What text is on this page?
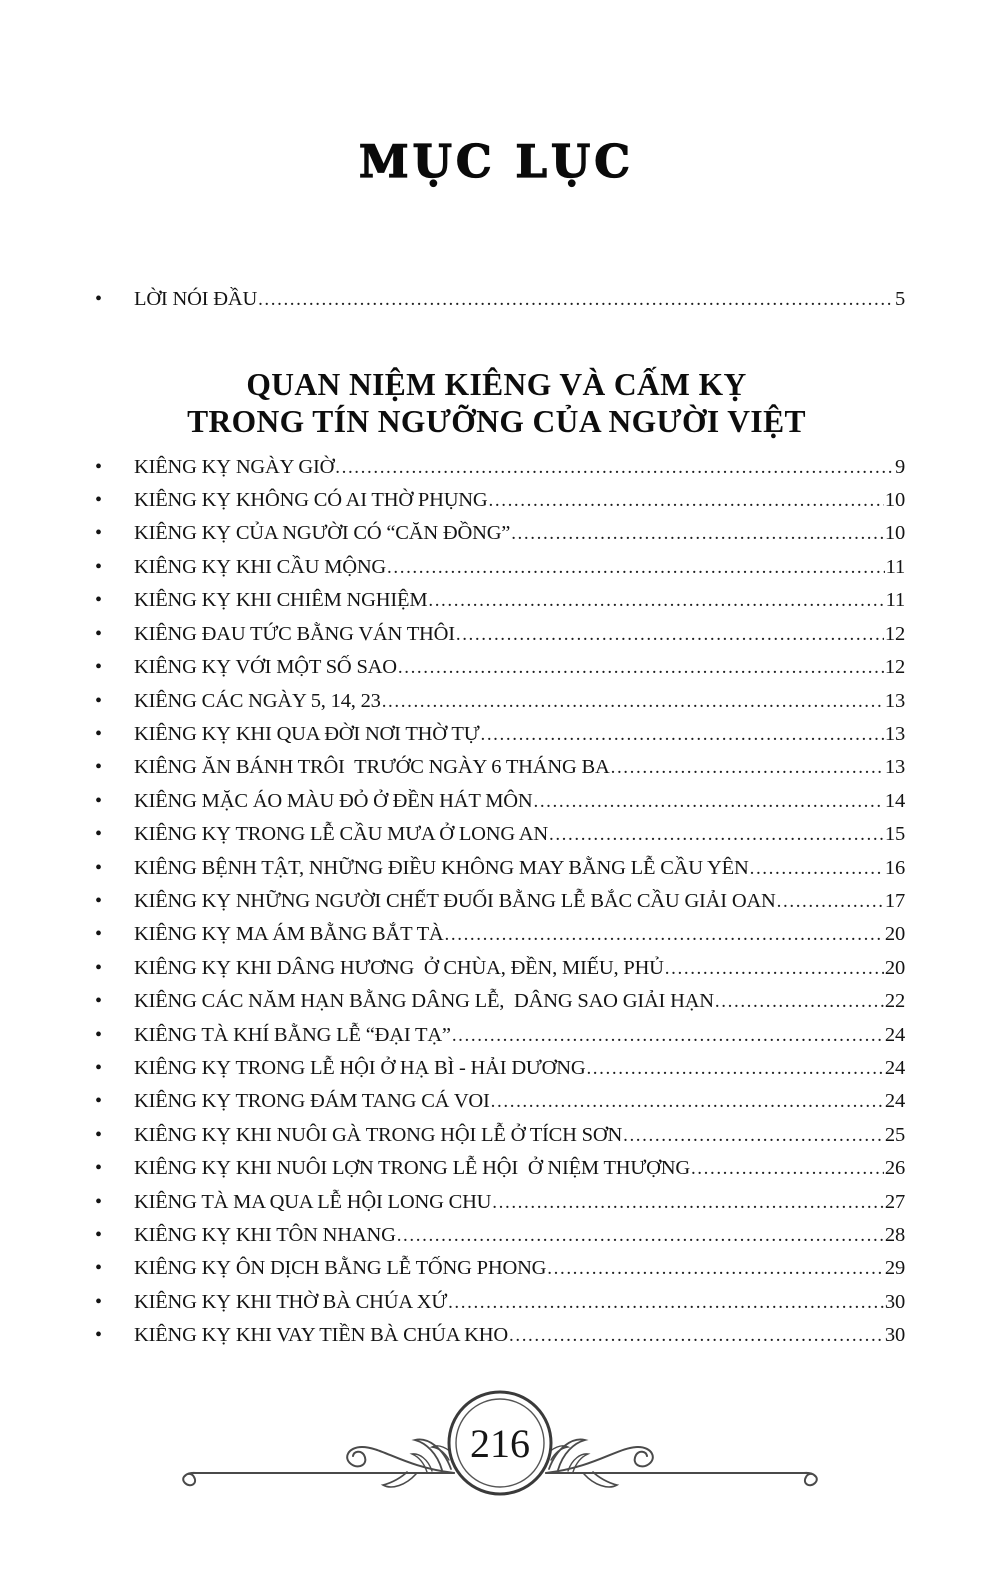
MỤC LỤC
•
LỜI NÓI ĐẦU .....	5
QUAN NIỆM KIÊNG VÀ CẤM KỴ
TRONG TÍN NGƯỠNG CỦA NGƯỜI VIỆT
•
KIÊNG KỴ NGÀY GIỜ .....	9
•
KIÊNG KỴ KHÔNG CÓ AI THỜ PHỤNG .....	10
•
KIÊNG KỴ CỦA NGƯỜI CÓ “CĂN ĐỒNG” .....	10
•
KIÊNG KỴ KHI CẦU MỘNG .....	11
•
KIÊNG KỴ KHI CHIÊM NGHIỆM .....	11
•
KIÊNG ĐAU TỨC BẰNG VÁN THÔI .....	12
•
KIÊNG KỴ VỚI MỘT SỐ SAO .....	12
•
KIÊNG CÁC NGÀY 5, 14, 23 .....	13
•
KIÊNG KỴ KHI QUA ĐỜI NƠI THỜ TỰ .....	13
•
KIÊNG ĂN BÁNH TRÔI  TRƯỚC NGÀY 6 THÁNG BA .....	13
•
KIÊNG MẶC ÁO MÀU ĐỎ Ở ĐỀN HÁT MÔN .....	14
•
KIÊNG KỴ TRONG LỄ CẦU MƯA Ở LONG AN .....	15
•
KIÊNG BỆNH TẬT, NHỮNG ĐIỀU KHÔNG MAY BẰNG LỄ CẦU YÊN .....	16
•
KIÊNG KỴ NHỮNG NGƯỜI CHẾT ĐUỐI BẰNG LỄ BẮC CẦU GIẢI OAN .....	17
•
KIÊNG KỴ MA ÁM BẰNG BẮT TÀ .....	20
•
KIÊNG KỴ KHI DÂNG HƯƠNG  Ở CHÙA, ĐỀN, MIẾU, PHỦ .....	20
•
KIÊNG CÁC NĂM HẠN BẰNG DÂNG LỄ,  DÂNG SAO GIẢI HẠN .....	22
•
KIÊNG TÀ KHÍ BẰNG LỄ “ĐẠI TẠ” .....	24
•
KIÊNG KỴ TRONG LỄ HỘI Ở HẠ BÌ - HẢI DƯƠNG .....	24
•
KIÊNG KỴ TRONG ĐÁM TANG CÁ VOI .....	24
•
KIÊNG KỴ KHI NUÔI GÀ TRONG HỘI LỄ Ở TÍCH SƠN .....	25
•
KIÊNG KỴ KHI NUÔI LỢN TRONG LỄ HỘI  Ở NIỆM THƯỢNG .....	26
•
KIÊNG TÀ MA QUA LỄ HỘI LONG CHU .....	27
•
KIÊNG KỴ KHI TÔN NHANG .....	28
•
KIÊNG KỴ ÔN DỊCH BẰNG LỄ TỐNG PHONG .....	29
•
KIÊNG KỴ KHI THỜ BÀ CHÚA XỨ .....	30
•
KIÊNG KỴ KHI VAY TIỀN BÀ CHÚA KHO .....	30
216
